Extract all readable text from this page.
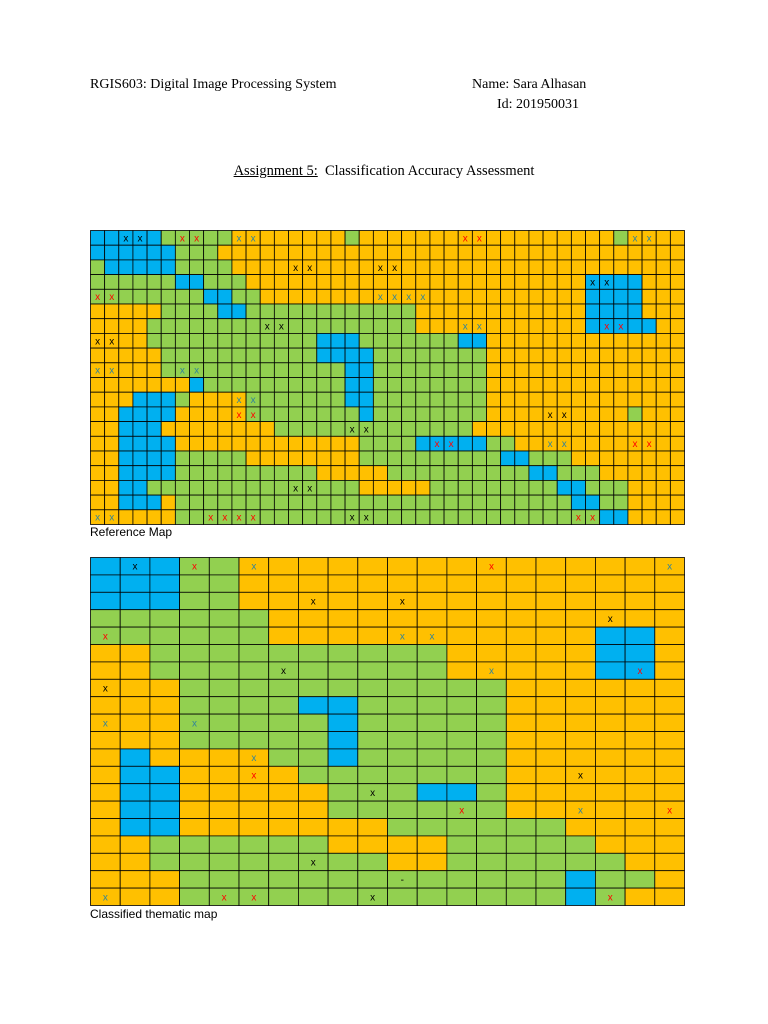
RGIS603: Digital Image Processing System	Name: Sara Alhasan
Id: 201950031
Assignment 5: Classification Accuracy Assessment
x x	x x	x x	x x	x x
x x	x x
x x
x x	x x x x
x x	x x	x x
x x
x x	x x
x x
x x	x x
x x
x x	x x	x x
x x
x x	x x x x	x x	x x
Reference Map
x	x	x	x	x
x	x
x
x	x x
x	x	x
x
x	x
x
x	x
x
x	x	x
x
-
x	x x	x	x
Classified thematic map
